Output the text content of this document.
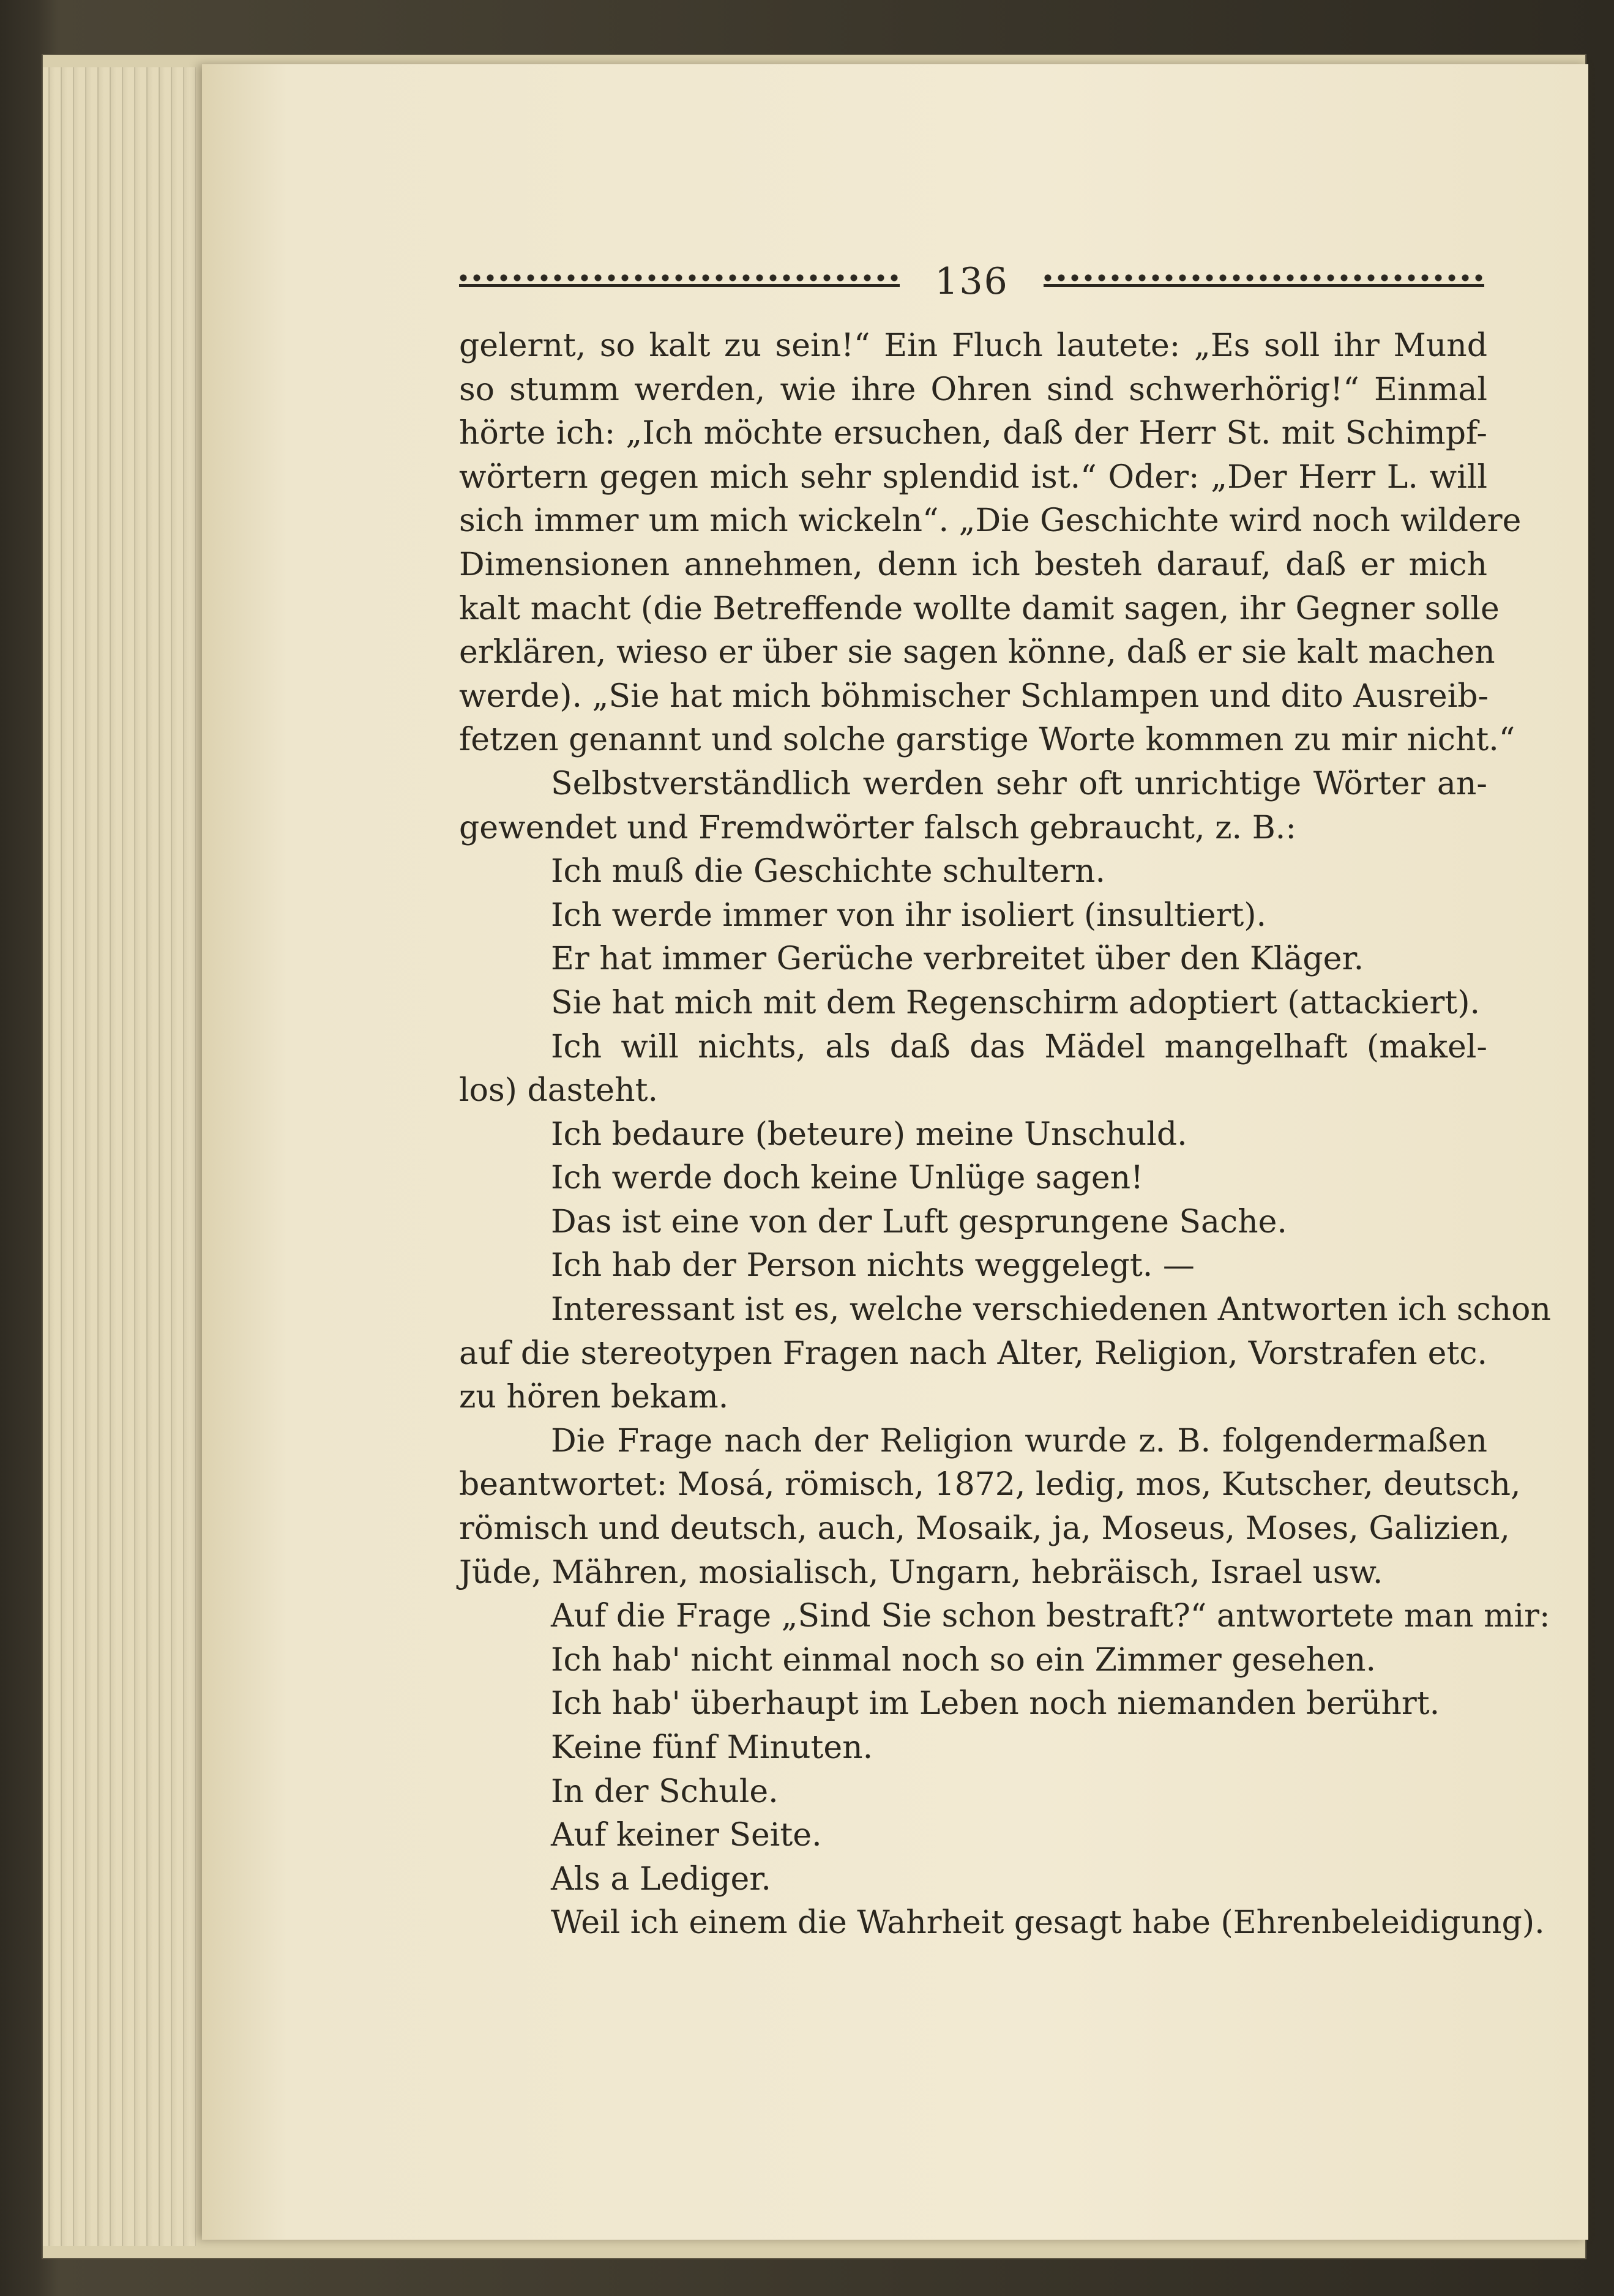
136
gelernt, so kalt zu sein!“ Ein Fluch lautete: „Es soll ihr Mund
so stumm werden, wie ihre Ohren sind schwerhörig!“ Einmal
hörte ich: „Ich möchte ersuchen, daß der Herr St. mit Schimpf-
wörtern gegen mich sehr splendid ist.“ Oder: „Der Herr L. will
sich immer um mich wickeln“. „Die Geschichte wird noch wildere
Dimensionen annehmen, denn ich besteh darauf, daß er mich
kalt macht (die Betreffende wollte damit sagen, ihr Gegner solle
erklären, wieso er über sie sagen könne, daß er sie kalt machen
werde). „Sie hat mich böhmischer Schlampen und dito Ausreib-
fetzen genannt und solche garstige Worte kommen zu mir nicht.“
Selbstverständlich werden sehr oft unrichtige Wörter an-
gewendet und Fremdwörter falsch gebraucht, z. B.:
Ich muß die Geschichte schultern.
Ich werde immer von ihr isoliert (insultiert).
Er hat immer Gerüche verbreitet über den Kläger.
Sie hat mich mit dem Regenschirm adoptiert (attackiert).
Ich will nichts, als daß das Mädel mangelhaft (makel-
los) dasteht.
Ich bedaure (beteure) meine Unschuld.
Ich werde doch keine Unlüge sagen!
Das ist eine von der Luft gesprungene Sache.
Ich hab der Person nichts weggelegt. —
Interessant ist es, welche verschiedenen Antworten ich schon
auf die stereotypen Fragen nach Alter, Religion, Vorstrafen etc.
zu hören bekam.
Die Frage nach der Religion wurde z. B. folgendermaßen
beantwortet: Mosá, römisch, 1872, ledig, mos, Kutscher, deutsch,
römisch und deutsch, auch, Mosaik, ja, Moseus, Moses, Galizien,
Jüde, Mähren, mosialisch, Ungarn, hebräisch, Israel usw.
Auf die Frage „Sind Sie schon bestraft?“ antwortete man mir:
Ich hab' nicht einmal noch so ein Zimmer gesehen.
Ich hab' überhaupt im Leben noch niemanden berührt.
Keine fünf Minuten.
In der Schule.
Auf keiner Seite.
Als a Lediger.
Weil ich einem die Wahrheit gesagt habe (Ehrenbeleidigung).
